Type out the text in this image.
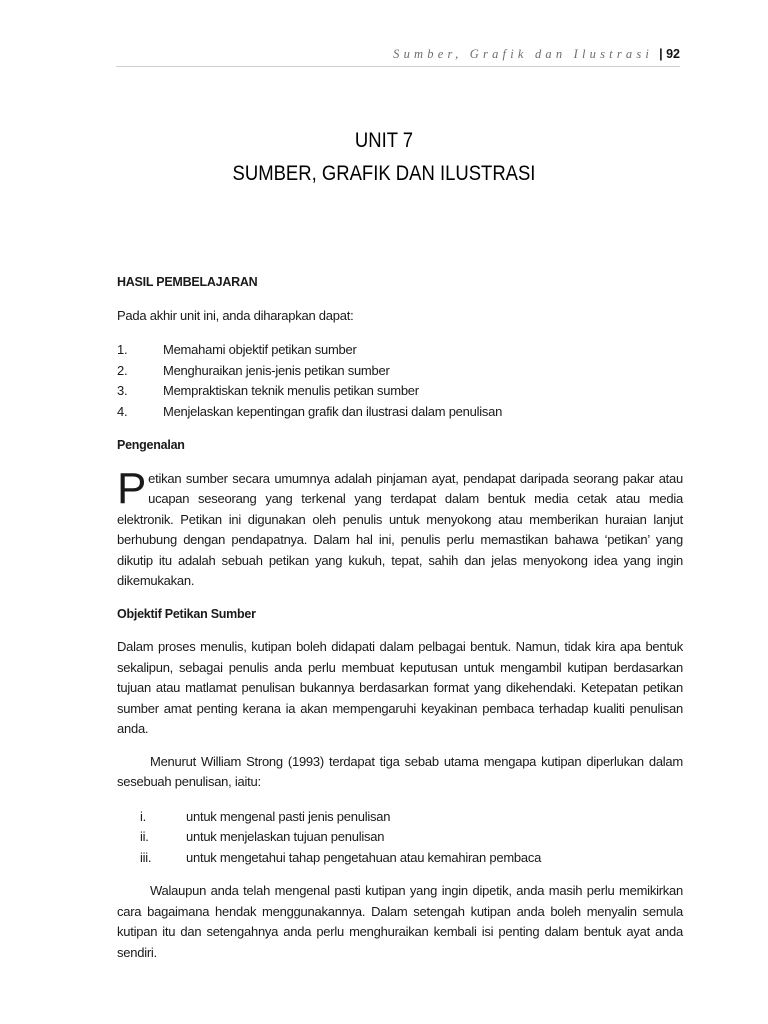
Sumber, Grafik dan Ilustrasi | 92
UNIT 7
SUMBER, GRAFIK DAN ILUSTRASI
HASIL PEMBELAJARAN

Pada akhir unit ini, anda diharapkan dapat:

1.	Memahami objektif petikan sumber
2.	Menghuraikan jenis-jenis petikan sumber
3.	Mempraktiskan teknik menulis petikan sumber
4.	Menjelaskan kepentingan grafik dan ilustrasi dalam penulisan
Pengenalan
Petikan sumber secara umumnya adalah pinjaman ayat, pendapat daripada seorang pakar atau ucapan seseorang yang terkenal yang terdapat dalam bentuk media cetak atau media elektronik. Petikan ini digunakan oleh penulis untuk menyokong atau memberikan huraian lanjut berhubung dengan pendapatnya. Dalam hal ini, penulis perlu memastikan bahawa ‘petikan’ yang dikutip itu adalah sebuah petikan yang kukuh, tepat, sahih dan jelas menyokong idea yang ingin dikemukakan.
Objektif Petikan Sumber

Dalam proses menulis, kutipan boleh didapati dalam pelbagai bentuk. Namun, tidak kira apa bentuk sekalipun, sebagai penulis anda perlu membuat keputusan untuk mengambil kutipan berdasarkan tujuan atau matlamat penulisan bukannya berdasarkan format yang dikehendaki. Ketepatan petikan sumber amat penting kerana ia akan mempengaruhi keyakinan pembaca terhadap kualiti penulisan anda.

Menurut William Strong (1993) terdapat tiga sebab utama mengapa kutipan diperlukan dalam sesebuah penulisan, iaitu:

i.	untuk mengenal pasti jenis penulisan
ii.	untuk menjelaskan tujuan penulisan
iii.	untuk mengetahui tahap pengetahuan atau kemahiran pembaca

Walaupun anda telah mengenal pasti kutipan yang ingin dipetik, anda masih perlu memikirkan cara bagaimana hendak menggunakannya. Dalam setengah kutipan anda boleh menyalin semula kutipan itu dan setengahnya anda perlu menghuraikan kembali isi penting dalam bentuk ayat anda sendiri.
